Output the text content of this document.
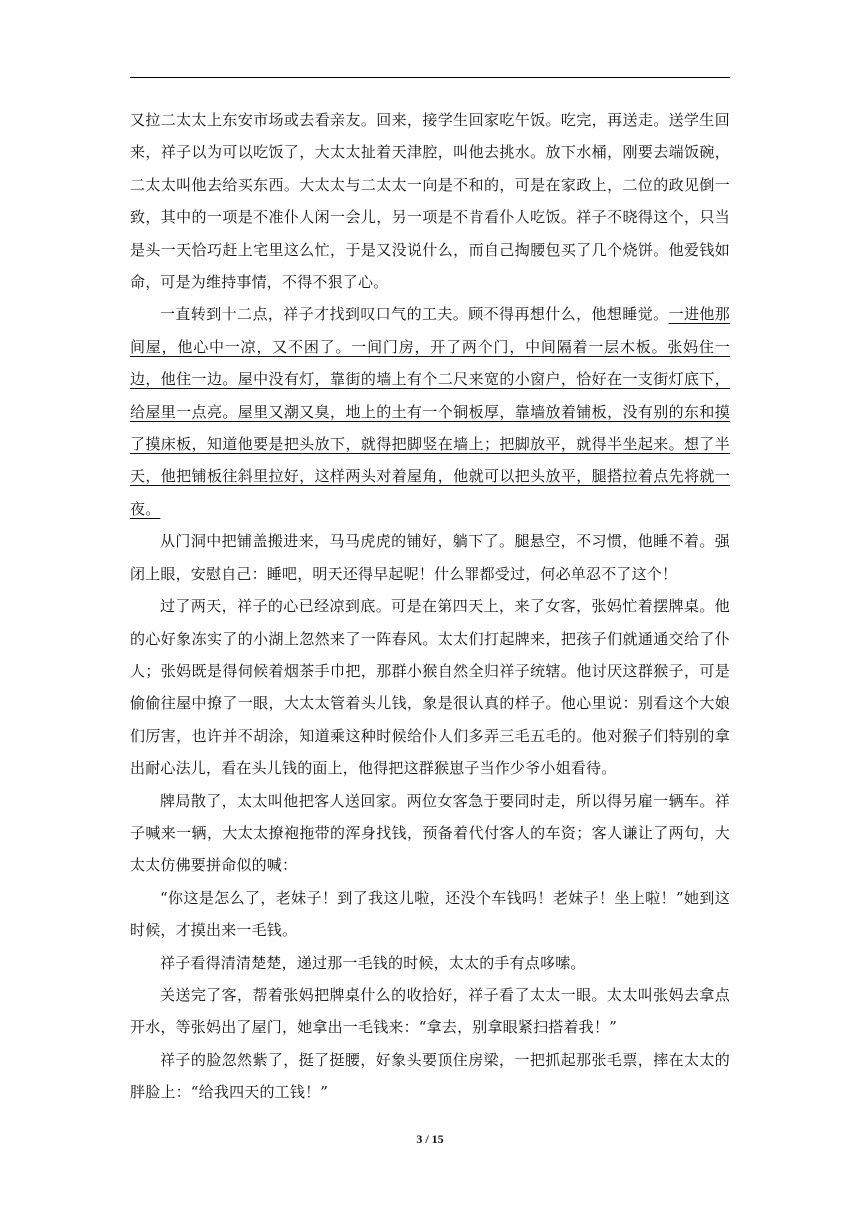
又拉二太太上东安市场或去看亲友。回来，接学生回家吃午饭。吃完，再送走。送学生回来，祥子以为可以吃饭了，大太太扯着天津腔，叫他去挑水。放下水桶，刚要去端饭碗，二太太叫他去给买东西。大太太与二太太一向是不和的，可是在家政上，二位的政见倒一致，其中的一项是不准仆人闲一会儿，另一项是不肯看仆人吃饭。祥子不晓得这个，只当是头一天恰巧赶上宅里这么忙，于是又没说什么，而自己掏腰包买了几个烧饼。他爱钱如命，可是为维持事情，不得不狠了心。

一直转到十二点，祥子才找到叹口气的工夫。顾不得再想什么，他想睡觉。一进他那间屋，他心中一凉，又不困了。一间门房，开了两个门，中间隔着一层木板。张妈住一边，他住一边。屋中没有灯，靠街的墙上有个二尺来宽的小窗户，恰好在一支街灯底下，给屋里一点亮。屋里又潮又臭，地上的土有一个铜板厚，靠墙放着铺板，没有别的东和摸了摸床板，知道他要是把头放下，就得把脚竖在墙上；把脚放平，就得半坐起来。想了半天，他把铺板往斜里拉好，这样两头对着屋角，他就可以把头放平，腿搭拉着点先将就一夜。

从门洞中把铺盖搬进来，马马虎虎的铺好，躺下了。腿悬空，不习惯，他睡不着。强闭上眼，安慰自己：睡吧，明天还得早起呢！什么罪都受过，何必单忍不了这个！

过了两天，祥子的心已经凉到底。可是在第四天上，来了女客，张妈忙着摆牌桌。他的心好象冻实了的小湖上忽然来了一阵春风。太太们打起牌来，把孩子们就通通交给了仆人；张妈既是得伺候着烟茶手巾把，那群小猴自然全归祥子统辖。他讨厌这群猴子，可是偷偷往屋中撩了一眼，大太太管着头儿钱，象是很认真的样子。他心里说：别看这个大娘们厉害，也许并不胡涂，知道乘这种时候给仆人们多弄三毛五毛的。他对猴子们特别的拿出耐心法儿，看在头儿钱的面上，他得把这群猴崽子当作少爷小姐看待。

牌局散了，太太叫他把客人送回家。两位女客急于要同时走，所以得另雇一辆车。祥子喊来一辆，大太太撩袍拖带的浑身找钱，预备着代付客人的车资；客人谦让了两句，大太太仿佛要拼命似的喊：

“你这是怎么了，老妹子！到了我这儿啦，还没个车钱吗！老妹子！坐上啦！”她到这时候，才摸出来一毛钱。

祥子看得清清楚楚，递过那一毛钱的时候，太太的手有点哆嗦。

关送完了客，帮着张妈把牌桌什么的收拾好，祥子看了太太一眼。太太叫张妈去拿点开水，等张妈出了屋门，她拿出一毛钱来：“拿去，别拿眼紧扫搭着我！”

祥子的脸忽然紫了，挺了挺腰，好象头要顶住房梁，一把抓起那张毛票，摔在太太的胖脸上：“给我四天的工钱！”

3 / 15
